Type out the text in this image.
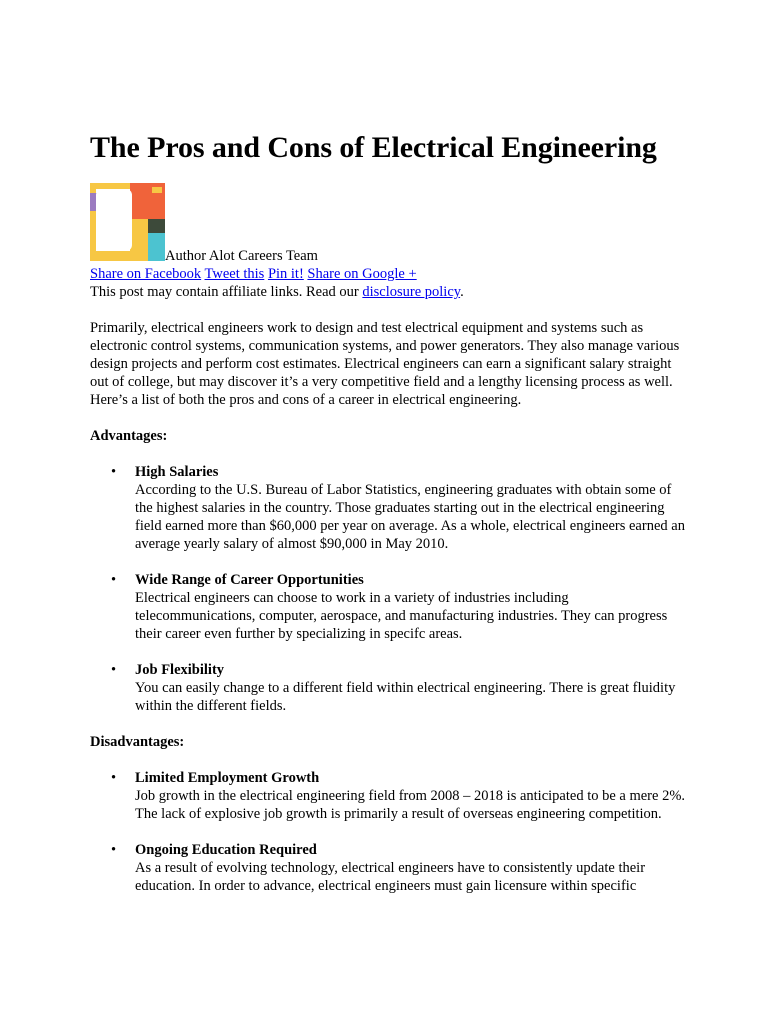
The Pros and Cons of Electrical Engineering
Author Alot Careers Team
Share on Facebook Tweet this Pin it! Share on Google +

This post may contain affiliate links. Read our disclosure policy.

Primarily, electrical engineers work to design and test electrical equipment and systems such as electronic control systems, communication systems, and power generators. They also manage various design projects and perform cost estimates. Electrical engineers can earn a significant salary straight out of college, but may discover it’s a very competitive field and a lengthy licensing process as well. Here’s a list of both the pros and cons of a career in electrical engineering.

Advantages:

• High Salaries
According to the U.S. Bureau of Labor Statistics, engineering graduates with obtain some of the highest salaries in the country. Those graduates starting out in the electrical engineering field earned more than $60,000 per year on average. As a whole, electrical engineers earned an average yearly salary of almost $90,000 in May 2010.
• Wide Range of Career Opportunities
Electrical engineers can choose to work in a variety of industries including telecommunications, computer, aerospace, and manufacturing industries. They can progress their career even further by specializing in specifc areas.
• Job Flexibility
You can easily change to a different field within electrical engineering. There is great fluidity within the different fields.

Disadvantages:

• Limited Employment Growth
Job growth in the electrical engineering field from 2008 – 2018 is anticipated to be a mere 2%. The lack of explosive job growth is primarily a result of overseas engineering competition.
• Ongoing Education Required
As a result of evolving technology, electrical engineers have to consistently update their education. In order to advance, electrical engineers must gain licensure within specific
